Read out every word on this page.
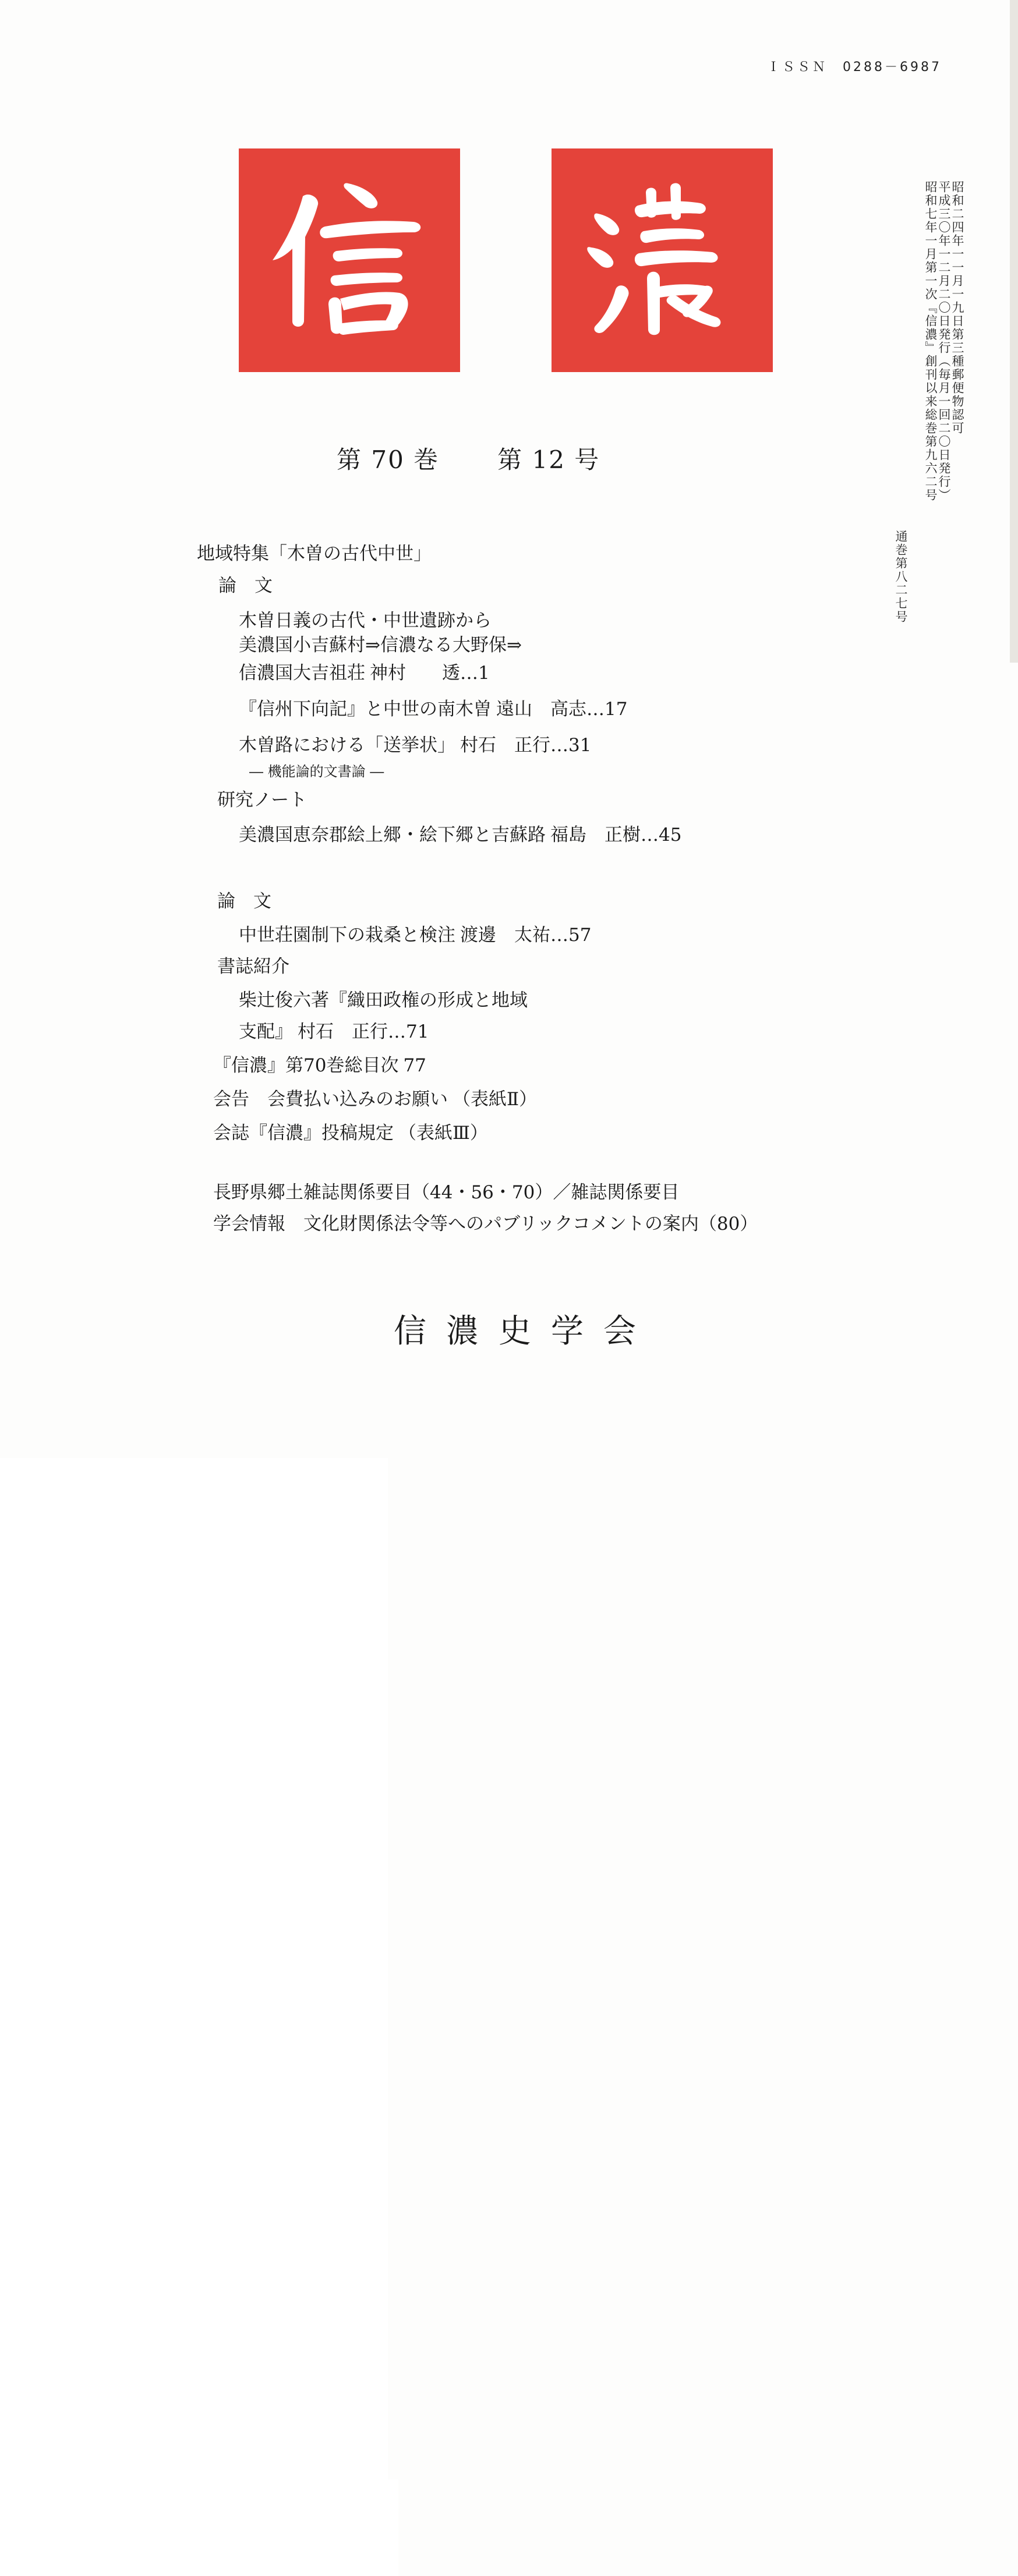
ＩＳＳＮ　0288－6987
昭和二四年一一月一九日第三種郵便物認可
平成三〇年一二月二〇日発行（毎月一回二〇日発行）
昭和七年一月第一次『信濃』創刊以来総巻第九六二号
通巻第八二七号
第 70 巻 第 12 号
地域特集「木曽の古代中世」
論　文
木曽日義の古代・中世遺跡から
美濃国小吉蘇村⇒信濃なる大野保⇒
信濃国大吉祖荘 神村　　透	… 1
『信州下向記』と中世の南木曽 遠山　高志	… 17
木曽路における「送挙状」 村石　正行	… 31
― 機能論的文書論 ―
研究ノート
美濃国恵奈郡絵上郷・絵下郷と吉蘇路 福島　正樹	… 45
論　文
中世荘園制下の栽桑と検注 渡邊　太祐	… 57
書誌紹介
柴辻俊六著『織田政権の形成と地域
支配』 村石　正行	… 71
『信濃』第70巻総目次 77
会告　会費払い込みのお願い （表紙Ⅱ）
会誌『信濃』投稿規定 （表紙Ⅲ）
長野県郷土雑誌関係要目（44・56・70）／雑誌関係要目
学会情報　文化財関係法令等へのパブリックコメントの案内（80）
信濃史学会
